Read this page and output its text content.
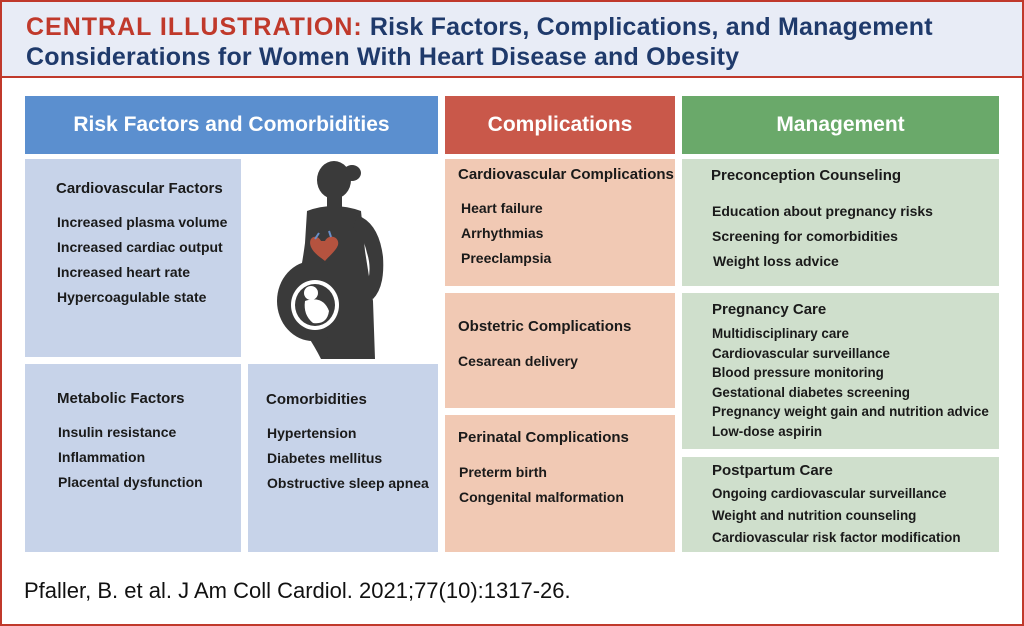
CENTRAL ILLUSTRATION: Risk Factors, Complications, and Management
Considerations for Women With Heart Disease and Obesity
Risk Factors and Comorbidities	Complications	Management
Cardiovascular Factors
Increased plasma volume
Increased cardiac output
Increased heart rate
Hypercoagulable state
Metabolic Factors
Insulin resistance
Inflammation
Placental dysfunction
Comorbidities
Hypertension
Diabetes mellitus
Obstructive sleep apnea
Cardiovascular Complications
Heart failure
Arrhythmias
Preeclampsia
Obstetric Complications
Cesarean delivery
Perinatal Complications
Preterm birth
Congenital malformation
Preconception Counseling
Education about pregnancy risks
Screening for comorbidities
Weight loss advice
Pregnancy Care
Multidisciplinary care
Cardiovascular surveillance
Blood pressure monitoring
Gestational diabetes screening
Pregnancy weight gain and nutrition advice
Low-dose aspirin
Postpartum Care
Ongoing cardiovascular surveillance
Weight and nutrition counseling
Cardiovascular risk factor modification
Pfaller, B. et al. J Am Coll Cardiol. 2021;77(10):1317-26.
